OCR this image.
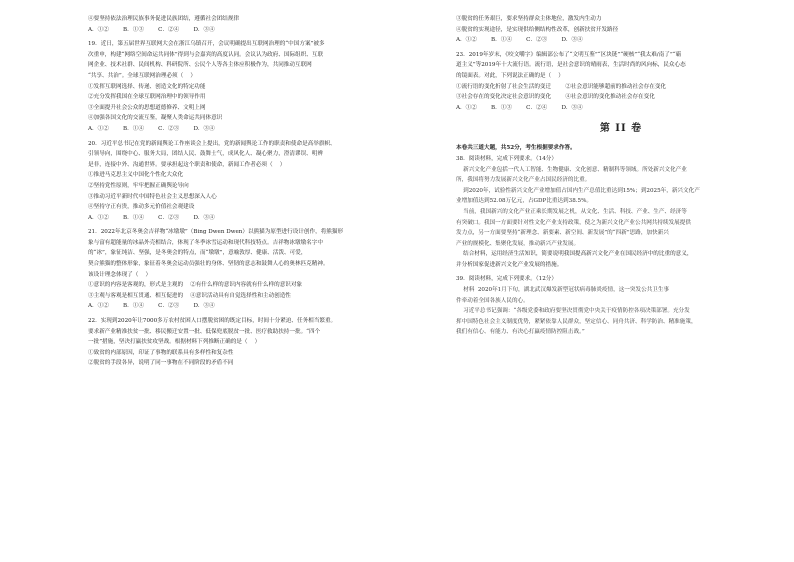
④要坚持依法治理民族事务促进民族团结，遵循社会团结规律
A．①②        B．①③        C．②④        D．③④
19．近日，第五届世界互联网大会在浙江乌镇召开，会议明确提出互联网治理的“中国方案”被多
次重申，构建“网络空间命运共同体”得到与会嘉宾的高度认同。会议认为政府、国际组织、互联
网企业、技术社群、民间机构、科研院所、公民个人等各主体应积极作为，共同推动互联网
“共享、共治”。全球互联网治理必须（    ）
①发挥互联网选择、传递、创造文化的特定功能
②充分发挥我国在全球互联网治理中的领导作用
③全面提升社会公众的思想道德修养、文明上网
④加强各国文化的交流互鉴，凝聚人类命运共同体意识
A．①②        B．①④        C．②③        D．③④
20．习近平总书记在党的新闻舆论工作座谈会上提出，党的新闻舆论工作的职责和使命是高举旗帜、
引领导向，围绕中心、服务大局，团结人民、鼓舞士气，成风化人、凝心聚力，澄清谬误、明辨
是非，连接中外、沟通世界。要承担起这个职责和使命，新闻工作者必须（    ）
①推进马克思主义中国化个性化大众化
②坚持党性原则，牢牢把握正确舆论导向
③推动习近平新时代中国特色社会主义思想深入人心
④坚持守正有贵，推动多元价值社会观建设
A．①②        B．①④        C．②③        D．③④
21．2022年北京冬奥会吉祥物“冰墩墩”（Bing Dwen Dwen）以熊猫为原型进行设计创作，将熊猫形
象与富有超能量的冰晶外壳相结合，体现了冬季冰雪运动和现代科技特点。吉祥物冰墩墩名字中
的“冰”，象征纯洁、坚强，是冬奥会的特点，而“墩墩”，意喻敦厚、健康、活泼、可爱，
契合熊猫的整体形象，象征着冬奥会运动员强壮的身体、坚韧的意志和鼓舞人心的奥林匹克精神。
该设计理念体现了（    ）
①意识的内容是客观的，形式是主观的    ②有什么样的意识内容就有什么样的意识对象
③主观与客观是相互贯通、相互促进的    ④意识活动具有自觉选择性和主动创造性
A．①②        B．①④        C．②③        D．③④
22．实现到2020年让7000多万农村贫困人口摆脱贫困的既定目标，时间十分紧迫、任务相当繁重。
要求新产业精准扶贫一批、移民搬迁安置一批、低保兜底脱贫一批、医疗救助扶持一批。“四个
一批”措施，坚决打赢扶贫攻坚战。根据材料下列推断正确的是（    ）
①致贫的内部原因，印证了事物的联系具有多样性和复杂性
②脱贫的手段各异，说明了同一事物在不同阶段的矛盾不同
③脱贫的任务艰巨，要求坚持群众主体地位，激发内生动力
④脱贫的实现途径，是实现供给侧结构性改革，创新扶贫开发路径
A．①②        B．①④        C．②③        D．③④
23．2019年岁末，《咬文嚼字》编辑部公布了“文明互鉴”“区块链”“硬核”“我太难/南了”“霸
道主义”等2019年十大流行语。流行语，是社会意识的晴雨表，生活时尚的风向标，民众心态
的镜面表。对此，下列说法正确的是（    ）
①流行语的变化折射了社会生活的变迁        ②社会意识能够超前的推动社会存在变化
③社会存在的变化决定社会意识的变化        ④社会意识的变化推动社会存在变化
A．①②        B．①③        C．②④        D．③④
第 II 卷
本卷共三道大题，共52分，考生根据要求作答。
38．阅读材料，完成下列要求。（14分）
新兴文化产业包括一代人工智能、生物健康、文化创意、精制科等领域。所处新兴文化产业
所，我国将努力发展新兴文化产业占国民经济的比重。
到2020年，试验性新兴文化产业增加值占国内生产总值比重达到15%；到2025年，新兴文化产
业增加值达到52.08万亿元，占GDP比重达到38.5%。
当前，我国新兴的文化产业正乘长期发展之机，从文化、生活、科技、产业、生产、经济等
有突破口。我国一方面要针对性文化产业支持政策，使之为新兴文化产业公共网共持续发展提供
发力点，另一方面要坚持“新理念、新要素、新空间、新发展”的“四新”思路，加快新兴
产业的规模化、集聚化发展，推动新兴产业发展。
结合材料，运用经济生活知识，简要说明我国提高新兴文化产业在国民经济中的比重的意义，
并分析国家促进新兴文化产业发展的措施。
39．阅读材料，完成下列要求。（12分）
材料  2020年1月下旬，湖北武汉爆发新型冠状病毒肺炎疫情，这一突发公共卫生事
件牵动着全国各族人民的心。
习近平总书记强调：“各级党委和政府要坚决贯彻党中央关于疫情防控各项决策部署。充分发
挥中国特色社会主义制度优势，紧紧依靠人民群众，坚定信心、同舟共济、科学防治、精准施策，
我们有信心、有能力、有决心打赢疫情防控阻击战。”
